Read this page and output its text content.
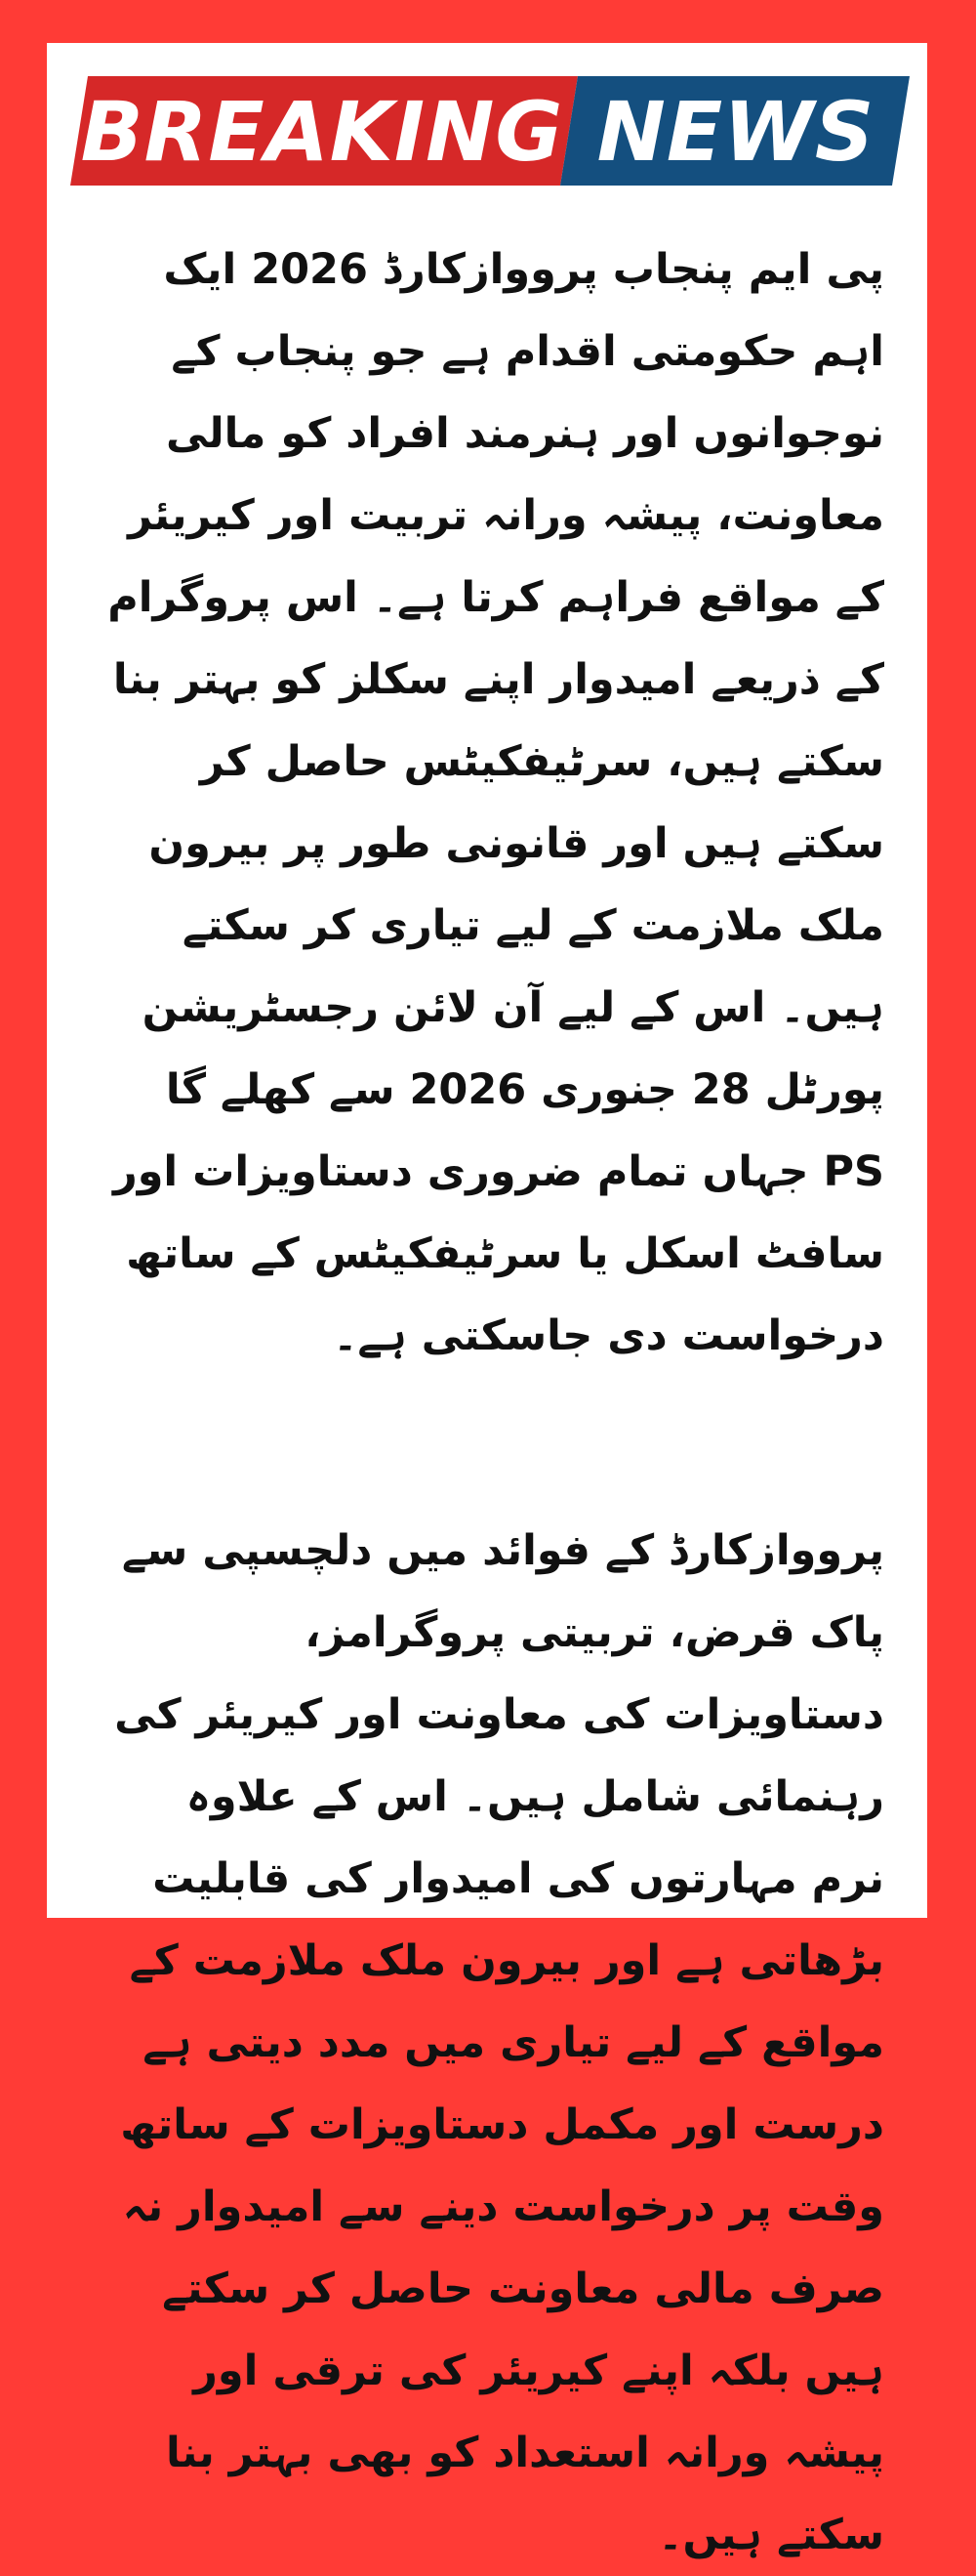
BREAKING NEWS

پی ایم پنجاب پرووازکارڈ 2026 ایک اہم حکومتی اقدام ہے جو پنجاب کے نوجوانوں اور ہنرمند افراد کو مالی معاونت، پیشہ ورانہ تربیت اور کیریئر کے مواقع فراہم کرتا ہے۔ اس پروگرام کے ذریعے امیدوار اپنے سکلز کو بہتر بنا سکتے ہیں، سرٹیفکیٹس حاصل کر سکتے ہیں اور قانونی طور پر بیرون ملک ملازمت کے لیے تیاری کر سکتے ہیں۔ اس کے لیے آن لائن رجسٹریشن پورٹل 28 جنوری 2026 سے کھلے گا PS جہاں تمام ضروری دستاویزات اور سافٹ اسکل یا سرٹیفکیٹس کے ساتھ درخواست دی جاسکتی ہے۔

پرووازکارڈ کے فوائد میں دلچسپی سے پاک قرض، تربیتی پروگرامز، دستاویزات کی معاونت اور کیریئر کی رہنمائی شامل ہیں۔ اس کے علاوہ نرم مہارتوں کی امیدوار کی قابلیت بڑھاتی ہے اور بیرون ملک ملازمت کے مواقع کے لیے تیاری میں مدد دیتی ہے درست اور مکمل دستاویزات کے ساتھ وقت پر درخواست دینے سے امیدوار نہ صرف مالی معاونت حاصل کر سکتے ہیں بلکہ اپنے کیریئر کی ترقی اور پیشہ ورانہ استعداد کو بھی بہتر بنا سکتے ہیں۔
